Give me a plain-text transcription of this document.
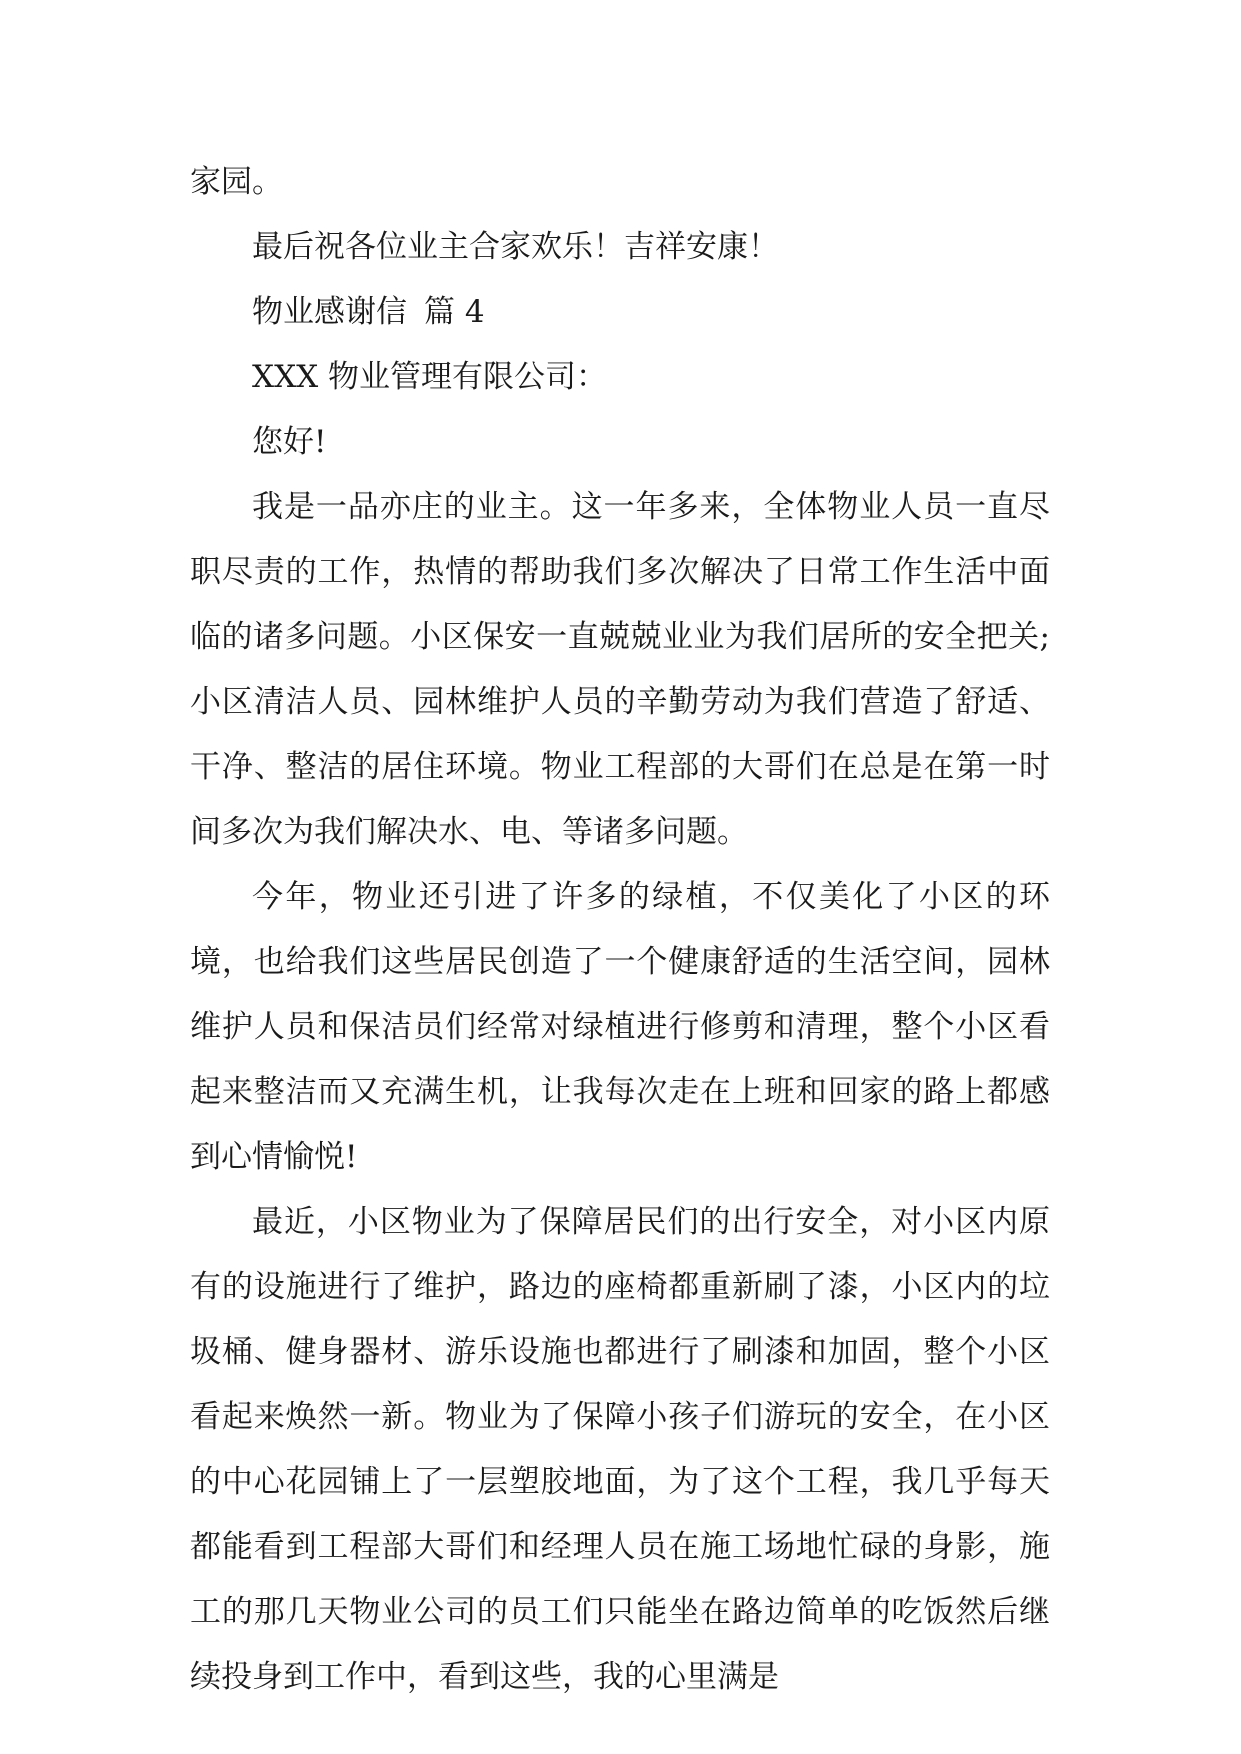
家园。

最后祝各位业主合家欢乐！吉祥安康！

物业感谢信 篇 4

XXX 物业管理有限公司：

您好!

我是一品亦庄的业主。这一年多来，全体物业人员一直尽职尽责的工作，热情的帮助我们多次解决了日常工作生活中面临的诸多问题。小区保安一直兢兢业业为我们居所的安全把关;小区清洁人员、园林维护人员的辛勤劳动为我们营造了舒适、干净、整洁的居住环境。物业工程部的大哥们在总是在第一时间多次为我们解决水、电、等诸多问题。

今年，物业还引进了许多的绿植，不仅美化了小区的环境，也给我们这些居民创造了一个健康舒适的生活空间，园林维护人员和保洁员们经常对绿植进行修剪和清理，整个小区看起来整洁而又充满生机，让我每次走在上班和回家的路上都感到心情愉悦!

最近，小区物业为了保障居民们的出行安全，对小区内原有的设施进行了维护，路边的座椅都重新刷了漆，小区内的垃圾桶、健身器材、游乐设施也都进行了刷漆和加固，整个小区看起来焕然一新。物业为了保障小孩子们游玩的安全，在小区的中心花园铺上了一层塑胶地面，为了这个工程，我几乎每天都能看到工程部大哥们和经理人员在施工场地忙碌的身影，施工的那几天物业公司的员工们只能坐在路边简单的吃饭然后继续投身到工作中，看到这些，我的心里满是
